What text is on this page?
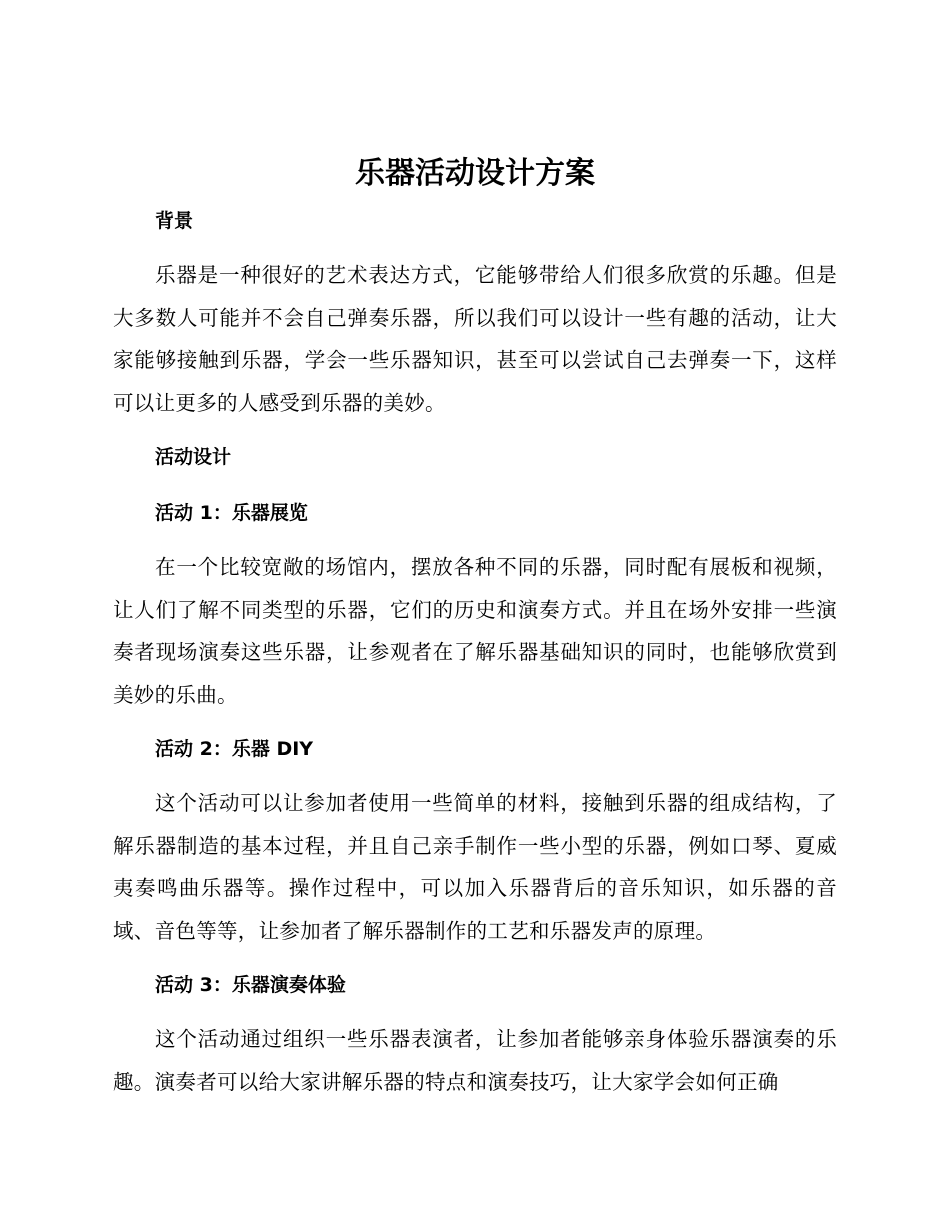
乐器活动设计方案

背景

乐器是一种很好的艺术表达方式，它能够带给人们很多欣赏的乐趣。但是大多数人可能并不会自己弹奏乐器，所以我们可以设计一些有趣的活动，让大家能够接触到乐器，学会一些乐器知识，甚至可以尝试自己去弹奏一下，这样可以让更多的人感受到乐器的美妙。

活动设计

活动 1：乐器展览

在一个比较宽敞的场馆内，摆放各种不同的乐器，同时配有展板和视频，让人们了解不同类型的乐器，它们的历史和演奏方式。并且在场外安排一些演奏者现场演奏这些乐器，让参观者在了解乐器基础知识的同时，也能够欣赏到美妙的乐曲。

活动 2：乐器 DIY

这个活动可以让参加者使用一些简单的材料，接触到乐器的组成结构，了解乐器制造的基本过程，并且自己亲手制作一些小型的乐器，例如口琴、夏威夷奏鸣曲乐器等。操作过程中，可以加入乐器背后的音乐知识，如乐器的音域、音色等等，让参加者了解乐器制作的工艺和乐器发声的原理。

活动 3：乐器演奏体验

这个活动通过组织一些乐器表演者，让参加者能够亲身体验乐器演奏的乐趣。演奏者可以给大家讲解乐器的特点和演奏技巧，让大家学会如何正确
